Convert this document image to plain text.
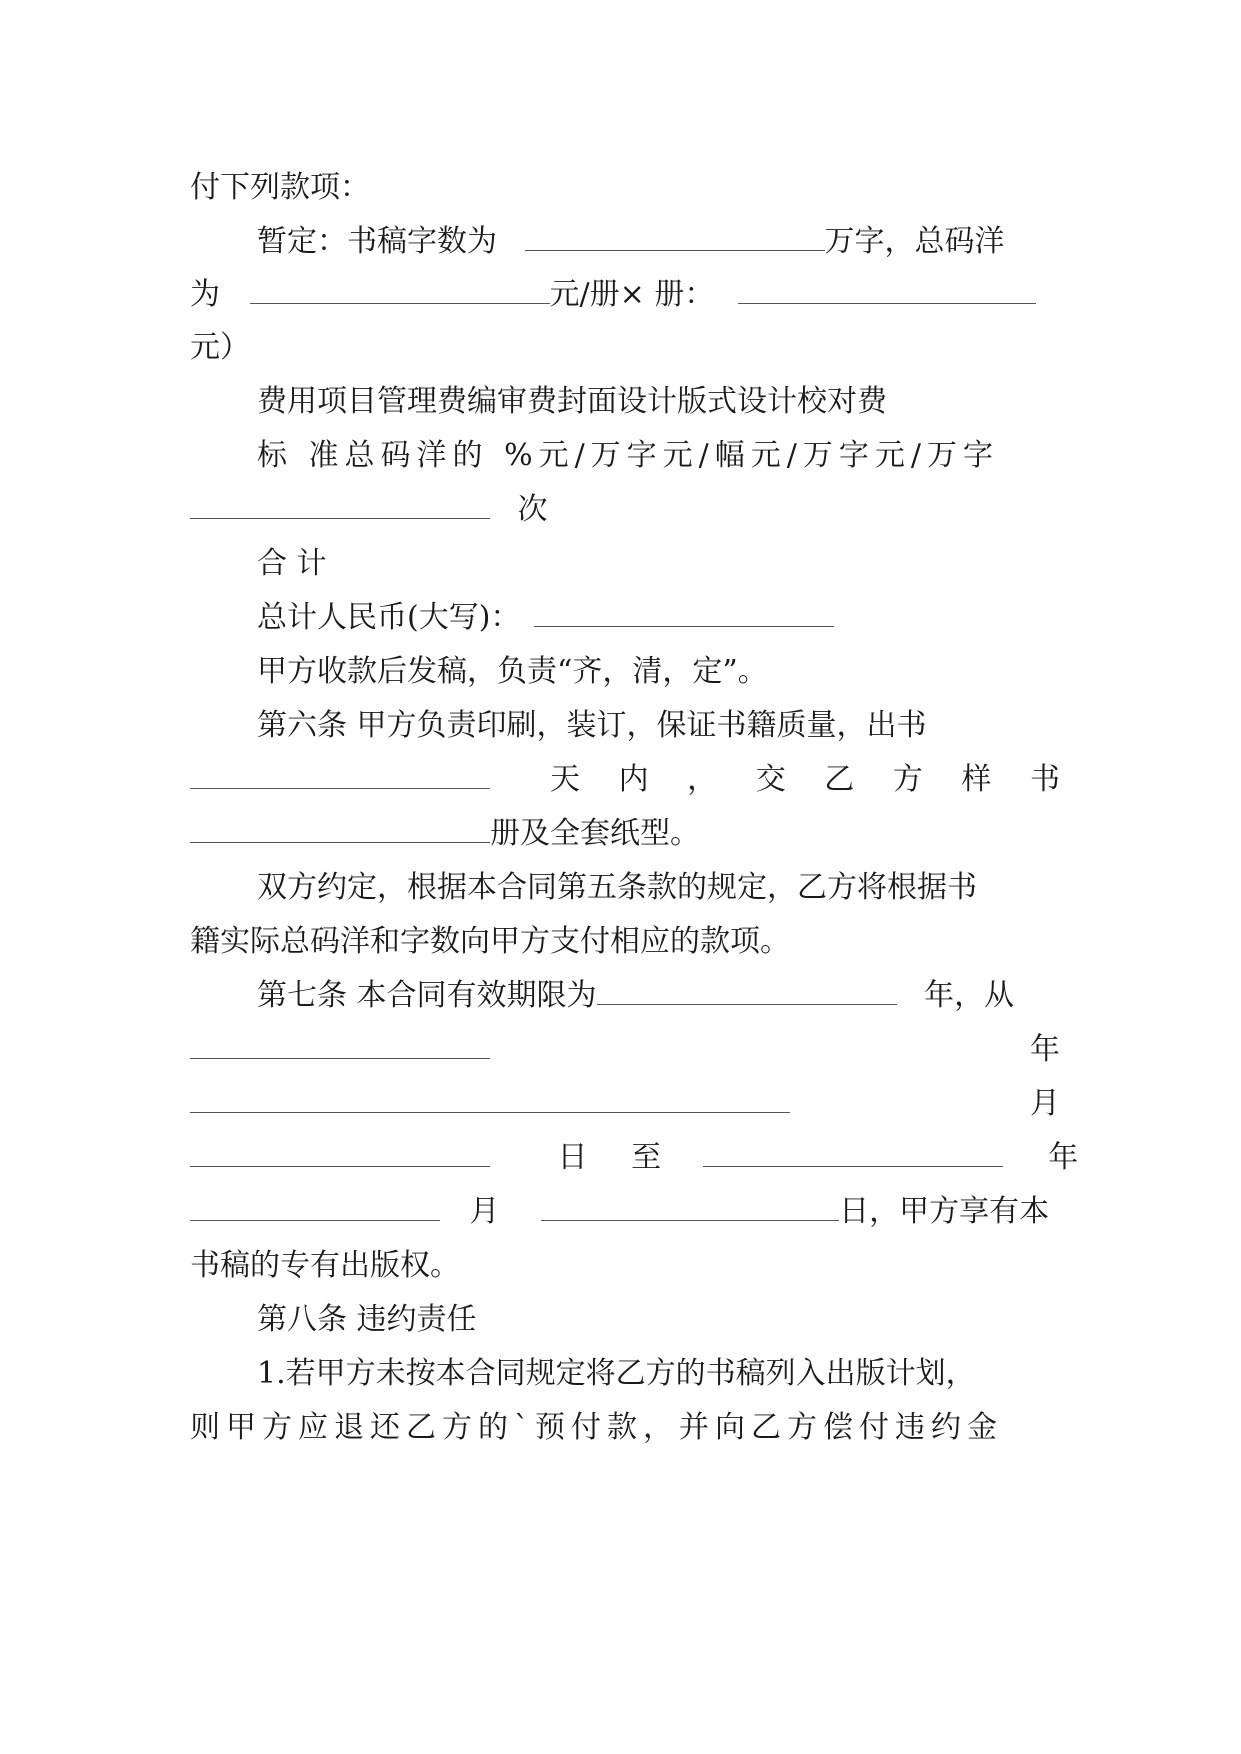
付下列款项：
暂定：书稿字数为	万字，总码洋
为	元/册× 册：
元）
费用项目管理费编审费封面设计版式设计校对费
标 准总码洋的 %元/万字元/幅元/万字元/万字
次
合 计
总计人民币(大写)：
甲方收款后发稿，负责“齐，清，定”。
第六条 甲方负责印刷，装订，保证书籍质量，出书
天 内 ， 交 乙 方 样 书
册及全套纸型。
双方约定，根据本合同第五条款的规定，乙方将根据书
籍实际总码洋和字数向甲方支付相应的款项。
第七条 本合同有效期限为	年，从
年
月
日 至	年
月	日，甲方享有本
书稿的专有出版权。
第八条 违约责任
1.若甲方未按本合同规定将乙方的书稿列入出版计划，
则甲方应退还乙方的`预付款，并向乙方偿付违约金
